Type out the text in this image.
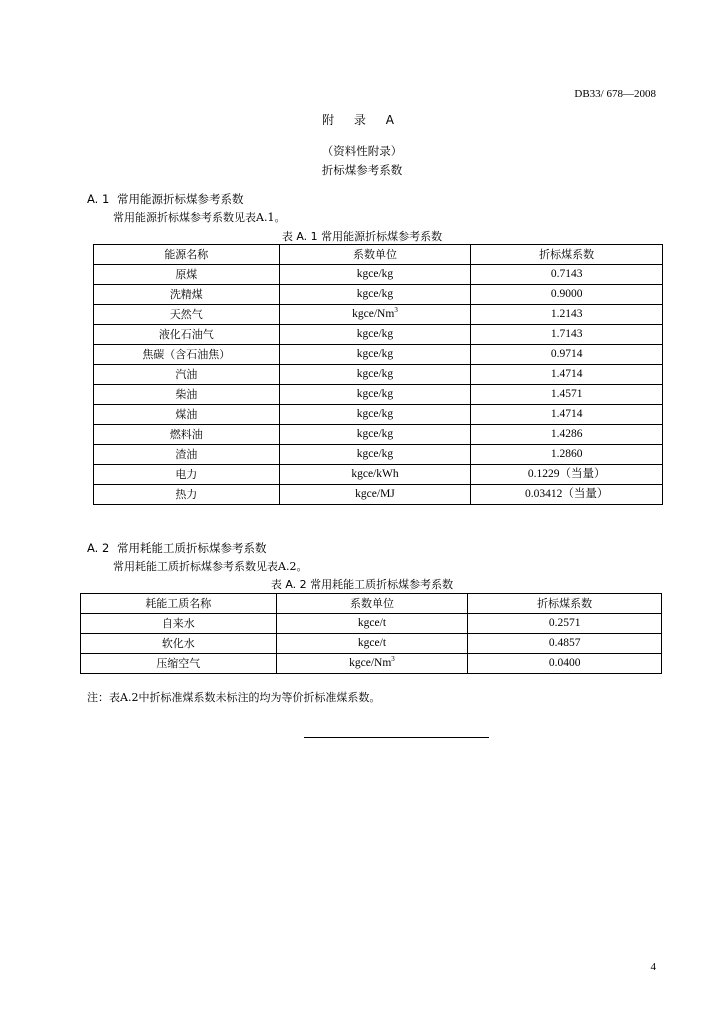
DB33/ 678—2008
附 录 A
（资料性附录）
折标煤参考系数
A. 1 常用能源折标煤参考系数
常用能源折标煤参考系数见表A.1。
表 A. 1 常用能源折标煤参考系数
能源名称	系数单位	折标煤系数
原煤	kgce/kg	0.7143
洗精煤	kgce/kg	0.9000
天然气	kgce/Nm$^3$	1.2143
液化石油气	kgce/kg	1.7143
焦碳（含石油焦）	kgce/kg	0.9714
汽油	kgce/kg	1.4714
柴油	kgce/kg	1.4571
煤油	kgce/kg	1.4714
燃料油	kgce/kg	1.4286
渣油	kgce/kg	1.2860
电力	kgce/kWh	0.1229（当量）
热力	kgce/MJ	0.03412（当量）
A. 2 常用耗能工质折标煤参考系数
常用耗能工质折标煤参考系数见表A.2。
表 A. 2 常用耗能工质折标煤参考系数
耗能工质名称	系数单位	折标煤系数
自来水	kgce/t	0.2571
软化水	kgce/t	0.4857
压缩空气	kgce/Nm$^3$	0.0400
注：表A.2中折标准煤系数未标注的均为等价折标准煤系数。
4
